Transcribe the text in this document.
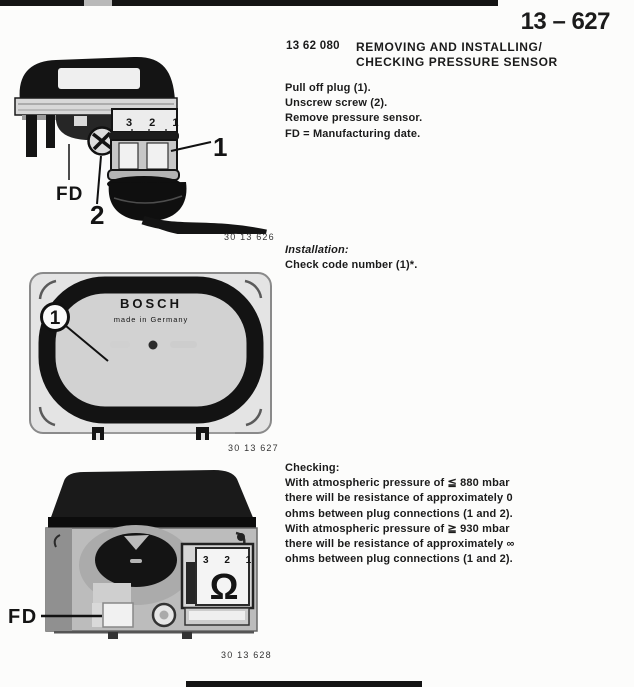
13 – 627
13 62 080 REMOVING AND INSTALLING/
CHECKING PRESSURE SENSOR
Pull off plug (1).
Unscrew screw (2).
Remove pressure sensor.
FD = Manufacturing date.
Installation:
Check code number (1)*.
Checking:
With atmospheric pressure of ≦ 880 mbar
there will be resistance of approximately 0
ohms between plug connections (1 and 2).
With atmospheric pressure of ≧ 930 mbar
there will be resistance of approximately ∞
ohms between plug connections (1 and 2).
3 2 1
1
FD
2
30 13 626
BOSCH
made in Germany
1
30 13 627
3 2 1
Ω
FD
30 13 628
